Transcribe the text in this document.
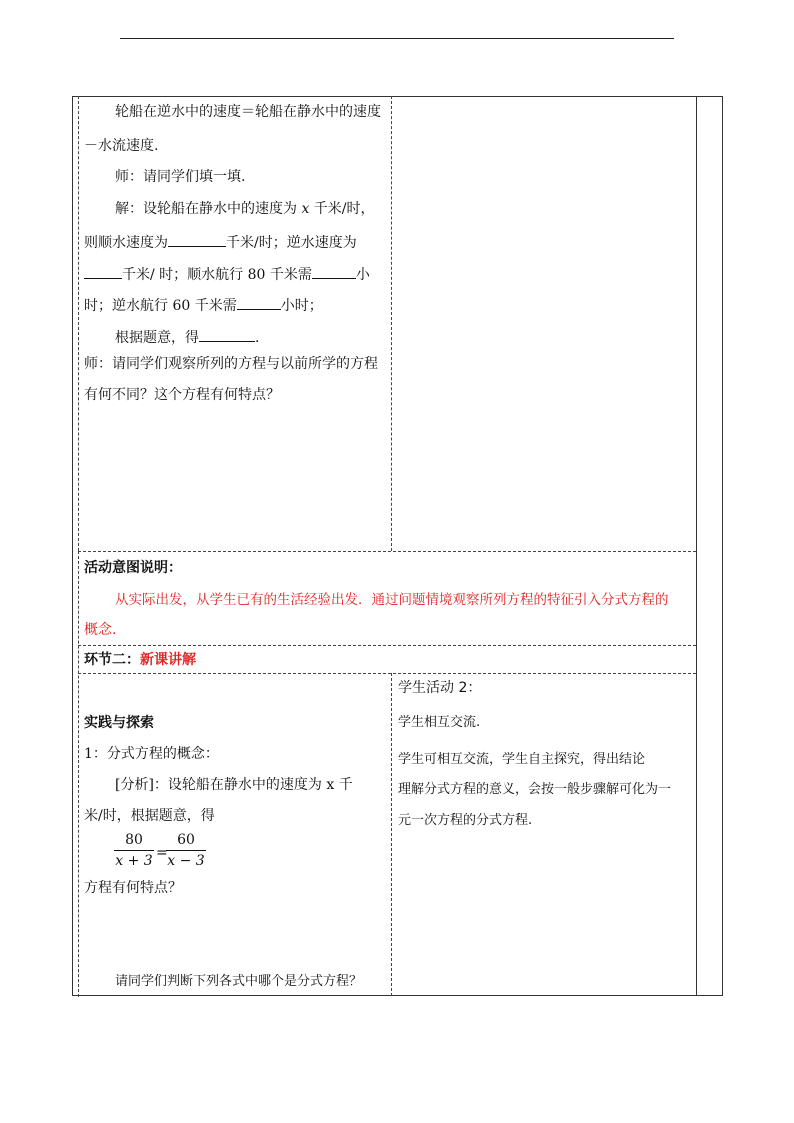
轮船在逆水中的速度＝轮船在静水中的速度
－水流速度.
师：请同学们填一填.
解：设轮船在静水中的速度为 x 千米/时，
则顺水速度为	千米/时；逆水速度为
千米/ 时；顺水航行 80 千米需	小
时；逆水航行 60 千米需	小时；
根据题意，得	.
师：请同学们观察所列的方程与以前所学的方程
有何不同？这个方程有何特点？
活动意图说明：
从实际出发，从学生已有的生活经验出发．通过问题情境观察所列方程的特征引入分式方程的
概念.
环节二：新课讲解
实践与探索
1：分式方程的概念：
[分析]：设轮船在静水中的速度为 x 千
米/时，根据题意，得
80
x + 3 =
60
x − 3
方程有何特点？
请同学们判断下列各式中哪个是分式方程？
学生活动 2：
学生相互交流.
学生可相互交流，学生自主探究，得出结论
理解分式方程的意义，会按一般步骤解可化为一
元一次方程的分式方程.
